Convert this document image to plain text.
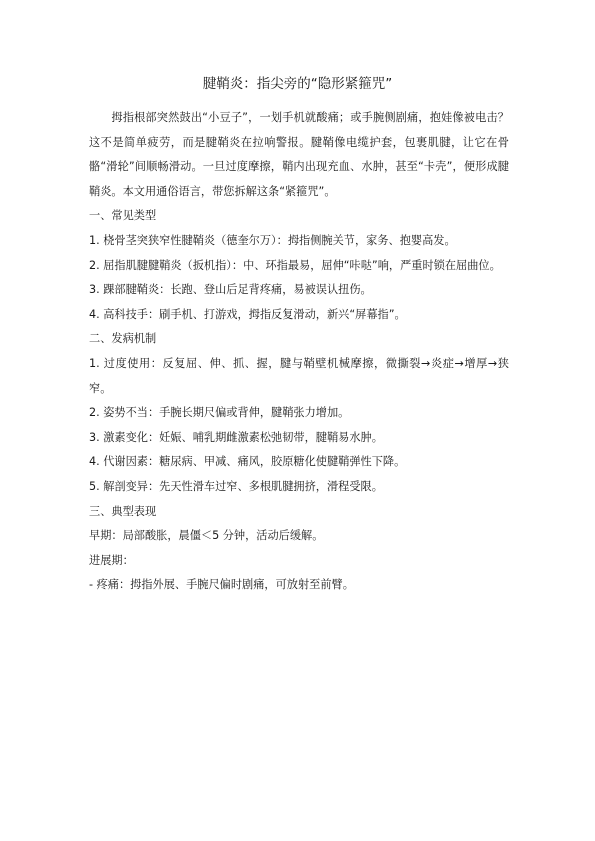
腱鞘炎：指尖旁的“隐形紧箍咒”

拇指根部突然鼓出“小豆子”，一划手机就酸痛；或手腕侧剧痛，抱娃像被电击？这不是简单疲劳，而是腱鞘炎在拉响警报。腱鞘像电缆护套，包裹肌腱，让它在骨骼“滑轮”间顺畅滑动。一旦过度摩擦，鞘内出现充血、水肿，甚至“卡壳”，便形成腱鞘炎。本文用通俗语言，带您拆解这条“紧箍咒”。

一、常见类型

1. 桡骨茎突狭窄性腱鞘炎（德奎尔万）：拇指侧腕关节，家务、抱婴高发。

2. 屈指肌腱腱鞘炎（扳机指）：中、环指最易，屈伸“咔哒”响，严重时锁在屈曲位。

3. 踝部腱鞘炎：长跑、登山后足背疼痛，易被误认扭伤。

4. 高科技手：刷手机、打游戏，拇指反复滑动，新兴“屏幕指”。

二、发病机制

1. 过度使用：反复屈、伸、抓、握，腱与鞘壁机械摩擦，微撕裂→炎症→增厚→狭窄。

2. 姿势不当：手腕长期尺偏或背伸，腱鞘张力增加。

3. 激素变化：妊娠、哺乳期雌激素松弛韧带，腱鞘易水肿。

4. 代谢因素：糖尿病、甲减、痛风，胶原糖化使腱鞘弹性下降。

5. 解剖变异：先天性滑车过窄、多根肌腱拥挤，滑程受限。

三、典型表现

早期：局部酸胀，晨僵＜5 分钟，活动后缓解。

进展期：

- 疼痛：拇指外展、手腕尺偏时剧痛，可放射至前臂。
